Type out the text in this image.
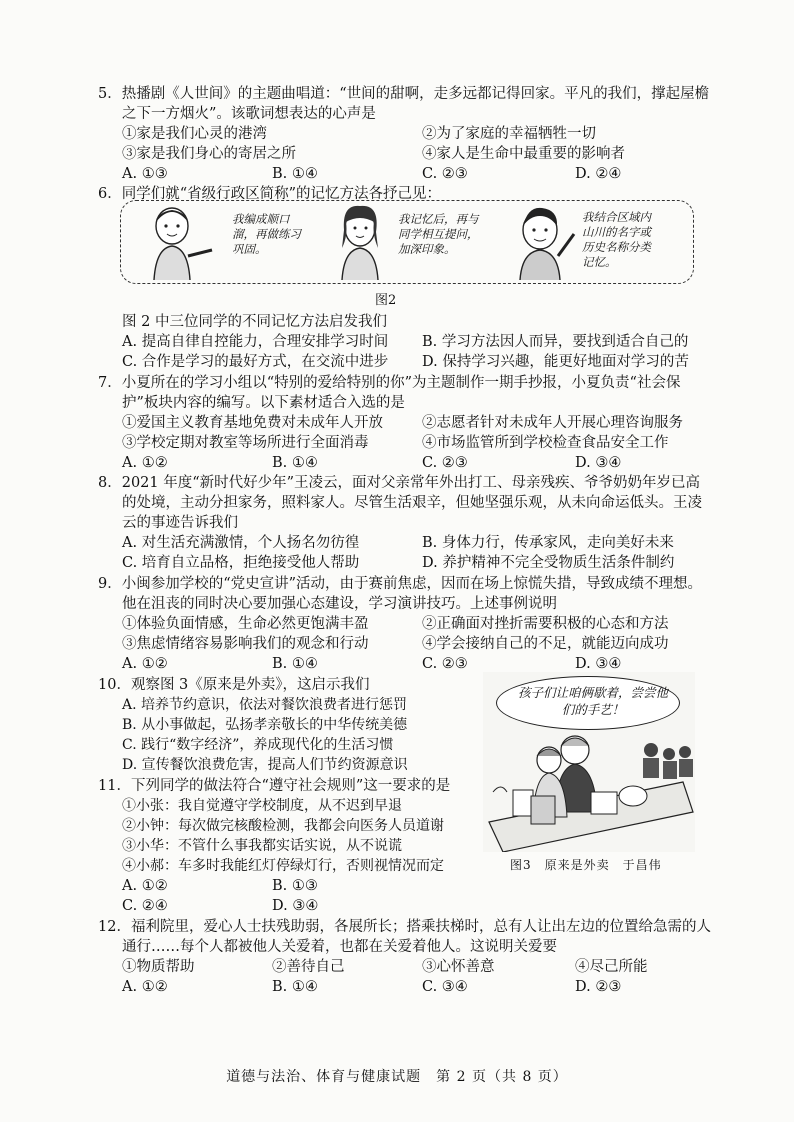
5．热播剧《人世间》的主题曲唱道：“世间的甜啊，走多远都记得回家。平凡的我们，撑起屋檐
之下一方烟火”。该歌词想表达的心声是
①家是我们心灵的港湾	②为了家庭的幸福牺牲一切
③家是我们身心的寄居之所	④家人是生命中最重要的影响者
A. ①③	B. ①④	C. ②③	D. ②④
6．同学们就“省级行政区简称”的记忆方法各抒己见：
我编成顺口溜，再做练习巩固。
我记忆后，再与同学相互提问，加深印象。
我结合区域内山川的名字或历史名称分类记忆。
图2
图 2 中三位同学的不同记忆方法启发我们
A. 提高自律自控能力，合理安排学习时间 B. 学习方法因人而异，要找到适合自己的
C. 合作是学习的最好方式，在交流中进步 D. 保持学习兴趣，能更好地面对学习的苦
7．小夏所在的学习小组以“特别的爱给特别的你”为主题制作一期手抄报，小夏负责“社会保
护”板块内容的编写。以下素材适合入选的是
①爱国主义教育基地免费对未成年人开放	②志愿者针对未成年人开展心理咨询服务
③学校定期对教室等场所进行全面消毒	④市场监管所到学校检查食品安全工作
A. ①②	B. ①④	C. ②③	D. ③④
8．2021 年度“新时代好少年”王凌云，面对父亲常年外出打工、母亲残疾、爷爷奶奶年岁已高
的处境，主动分担家务，照料家人。尽管生活艰辛，但她坚强乐观，从未向命运低头。王凌
云的事迹告诉我们
A. 对生活充满激情，个人扬名勿彷徨	B. 身体力行，传承家风，走向美好未来
C. 培育自立品格，拒绝接受他人帮助	D. 养护精神不完全受物质生活条件制约
9．小闽参加学校的“党史宣讲”活动，由于赛前焦虑，因而在场上惊慌失措，导致成绩不理想。
他在沮丧的同时决心要加强心态建设，学习演讲技巧。上述事例说明
①体验负面情感，生命必然更饱满丰盈	②正确面对挫折需要积极的心态和方法
③焦虑情绪容易影响我们的观念和行动	④学会接纳自己的不足，就能迈向成功
A. ①②	B. ①④	C. ②③	D. ③④
10．观察图 3《原来是外卖》，这启示我们
A. 培养节约意识，依法对餐饮浪费者进行惩罚
B. 从小事做起，弘扬孝亲敬长的中华传统美德
C. 践行“数字经济”，养成现代化的生活习惯
D. 宣传餐饮浪费危害，提高人们节约资源意识
孩子们让咱俩歇着，尝尝他们的手艺！
图3　原来是外卖　于昌伟
11．下列同学的做法符合“遵守社会规则”这一要求的是
①小张：我自觉遵守学校制度，从不迟到早退
②小钟：每次做完核酸检测，我都会向医务人员道谢
③小华：不管什么事我都实话实说，从不说谎
④小郝：车多时我能红灯停绿灯行，否则视情况而定
A. ①②	B. ①③
C. ②④	D. ③④
12．福利院里，爱心人士扶残助弱，各展所长；搭乘扶梯时，总有人让出左边的位置给急需的人
通行……每个人都被他人关爱着，也都在关爱着他人。这说明关爱要
①物质帮助	②善待自己	③心怀善意	④尽己所能
A. ①②	B. ①④	C. ③④	D. ②③
道德与法治、体育与健康试题　第 2 页（共 8 页）
